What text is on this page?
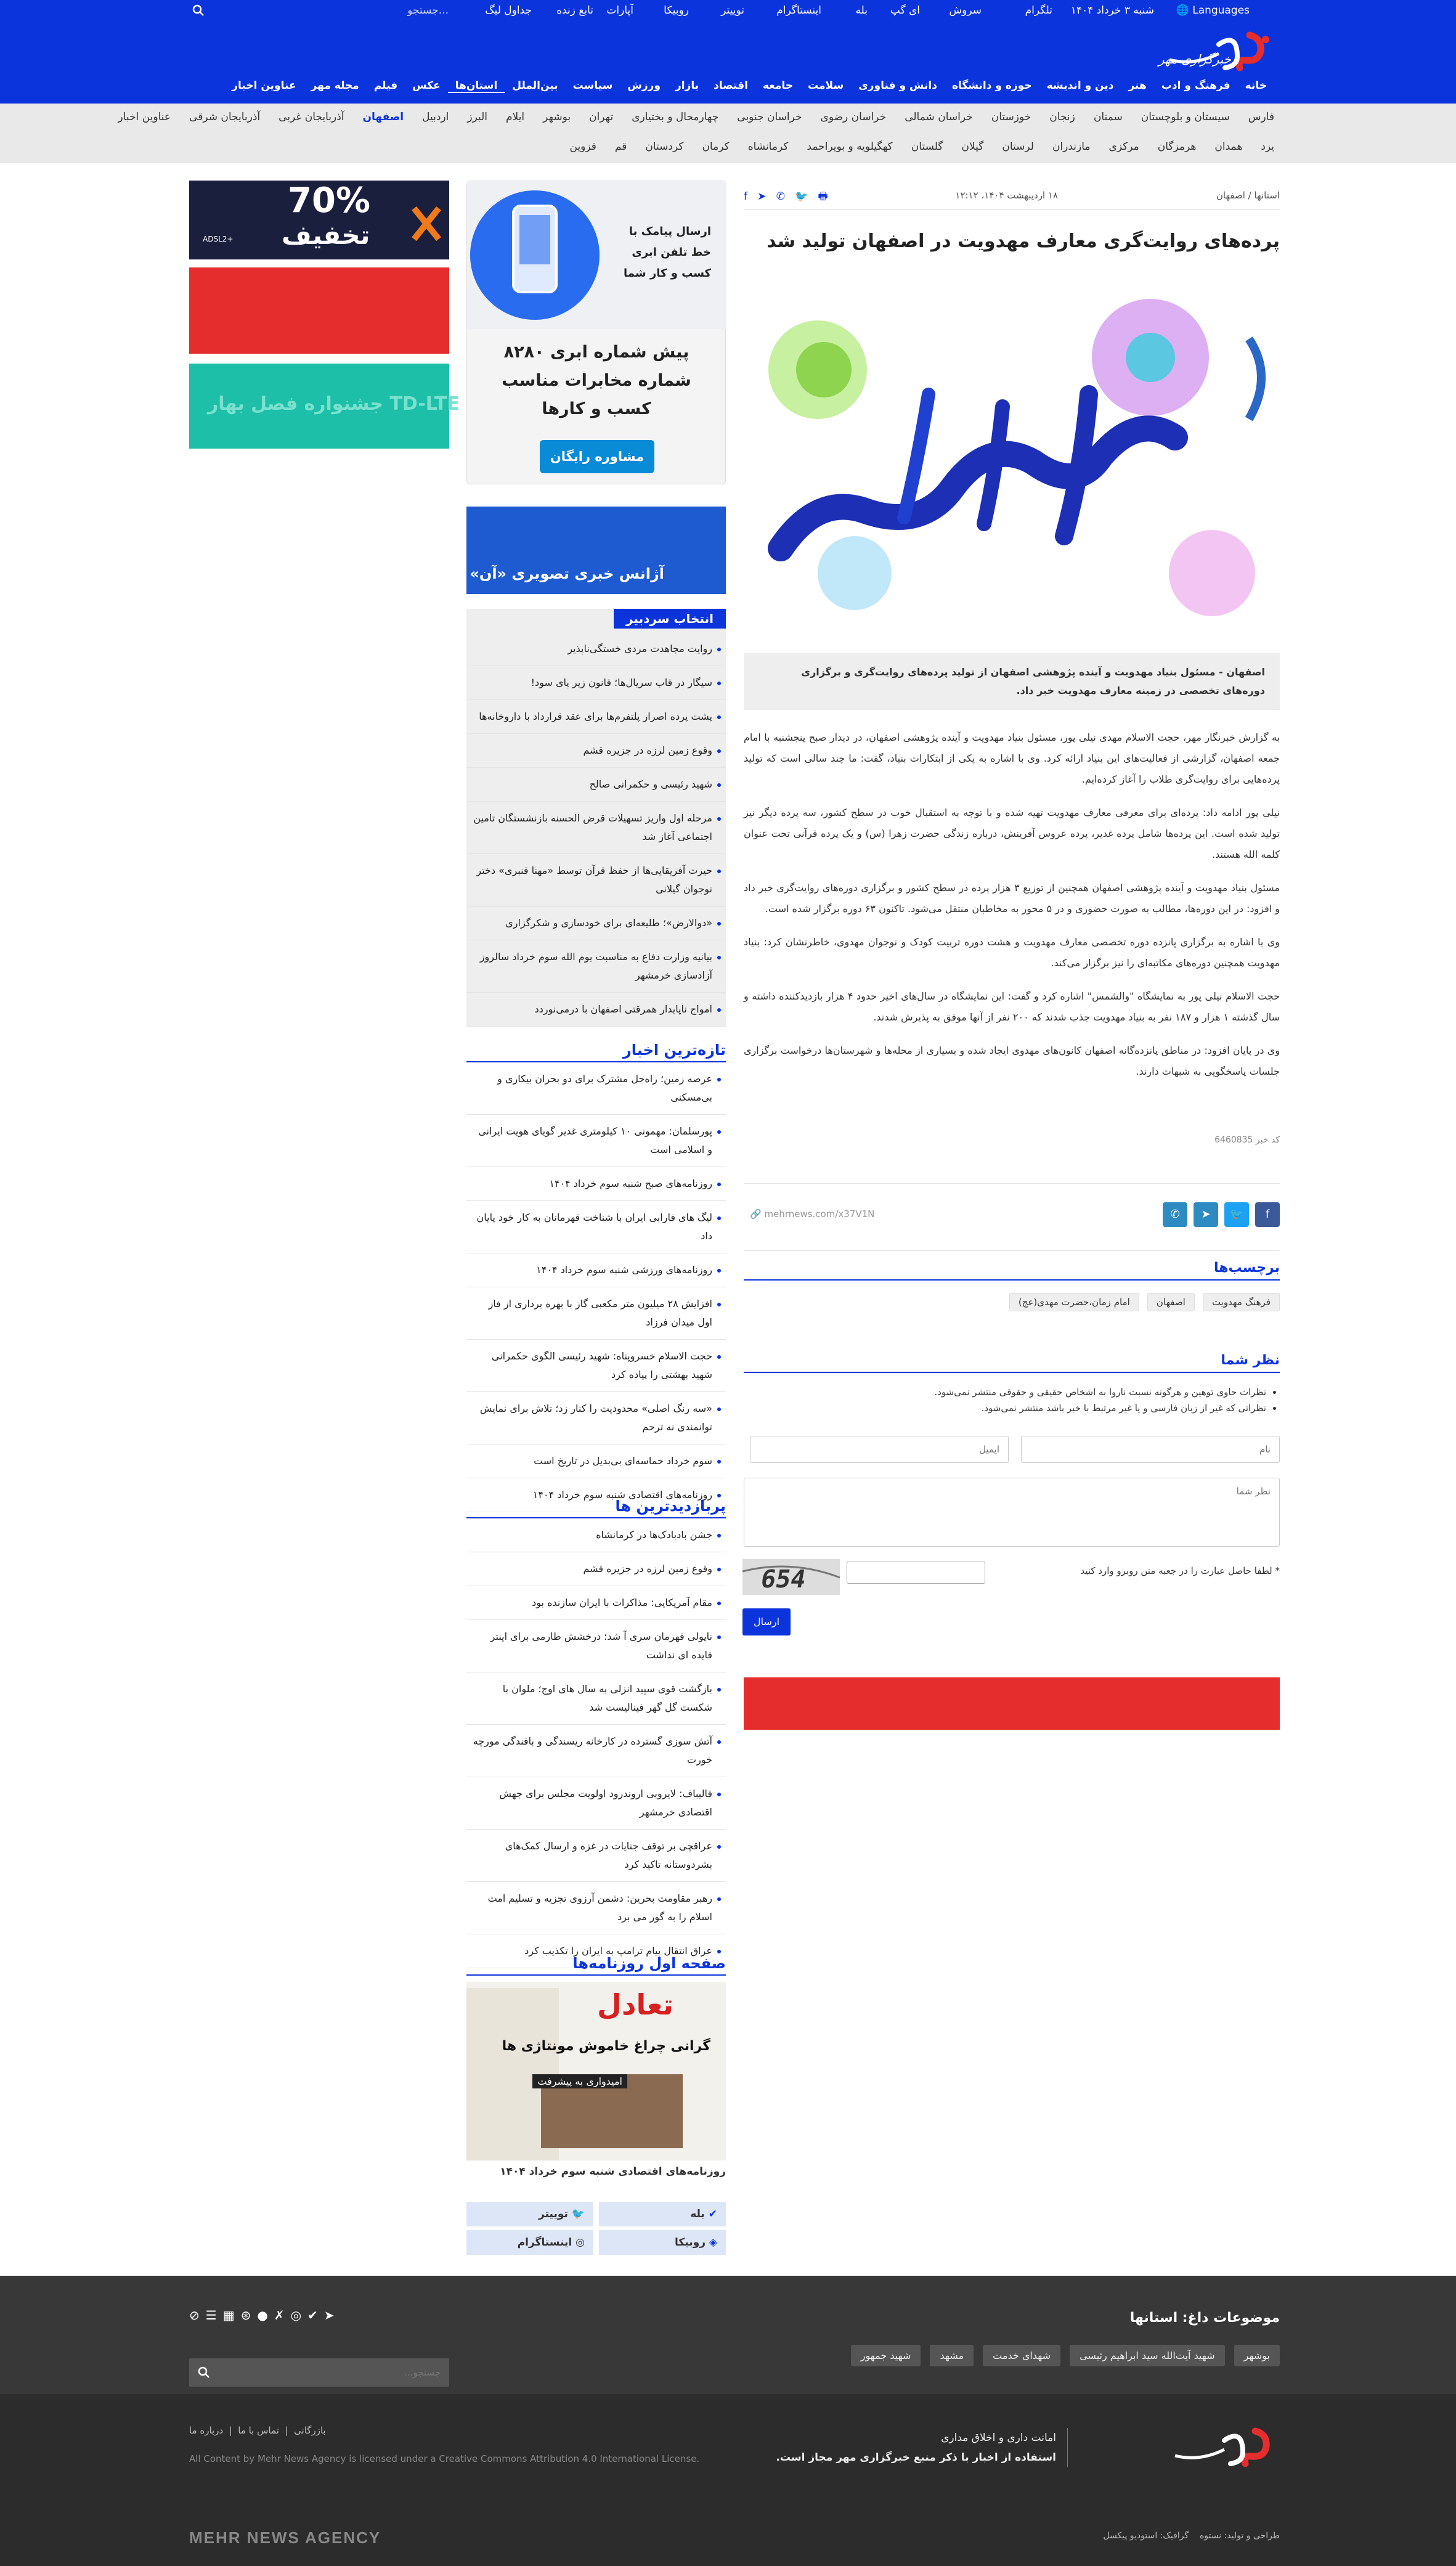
🌐 Languages
شنبه ۳ خرداد ۱۴۰۴
تلگرام
سروش
ای گپ
بله
اینستاگرام
توییتر
روبیکا
آپارات
تابع زنده
جداول لیگ
جستجو...
خبرگزاری مهر
خانه
فرهنگ و ادب
هنر
دین و اندیشه
حوزه و دانشگاه
دانش و فناوری
سلامت
جامعه
اقتصاد
بازار
ورزش
سیاست
بین‌الملل
استان‌ها
عکس
فیلم
مجله مهر
عناوین اخبار
عناوین اخبار	آذربایجان شرقی	آذربایجان غربی	اصفهان	اردبیل	البرز	ایلام	بوشهر	تهران	چهارمحال و بختیاری	خراسان جنوبی	خراسان رضوی	خراسان شمالی	خوزستان	زنجان	سمنان	سیستان و بلوچستان	فارس
قزوین	قم	کردستان	کرمان	کرمانشاه	کهگیلویه و بویراحمد	گلستان	گیلان	لرستان	مازندران	مرکزی	هرمزگان	همدان	یزد
استانها / اصفهان
۱۸ اردیبهشت ۱۴۰۴، ۱۲:۱۲
🖶   🐦   ✆   ➤   f
پرده‌های روایت‌گری معارف مهدویت در اصفهان تولید شد
اصفهان - مسئول بنیاد مهدویت و آینده پژوهشی اصفهان از تولید پرده‌های روایت‌گری و برگزاری دوره‌های تخصصی در زمینه معارف مهدویت خبر داد.

به گزارش خبرنگار مهر، حجت الاسلام مهدی نیلی پور، مسئول بنیاد مهدویت و آینده پژوهشی اصفهان، در دیدار صبح پنجشنبه با امام جمعه اصفهان، گزارشی از فعالیت‌های این بنیاد ارائه کرد. وی با اشاره به یکی از ابتکارات بنیاد، گفت: ما چند سالی است که تولید پرده‌هایی برای روایت‌گری طلاب را آغاز کرده‌ایم.

نیلی پور ادامه داد: پرده‌ای برای معرفی معارف مهدویت تهیه شده و با توجه به استقبال خوب در سطح کشور، سه پرده دیگر نیز تولید شده است. این پرده‌ها شامل پرده غدیر، پرده عروس آفرینش، درباره زندگی حضرت زهرا (س) و یک پرده قرآنی تحت عنوان کلمه الله هستند.

مسئول بنیاد مهدویت و آینده پژوهشی اصفهان همچنین از توزیع ۳ هزار پرده در سطح کشور و برگزاری دوره‌های روایت‌گری خبر داد و افزود: در این دوره‌ها، مطالب به صورت حضوری و در ۵ محور به مخاطبان منتقل می‌شود. تاکنون ۶۳ دوره برگزار شده است.

وی با اشاره به برگزاری پانزده دوره تخصصی معارف مهدویت و هشت دوره تربیت کودک و نوجوان مهدوی، خاطرنشان کرد: بنیاد مهدویت همچنین دوره‌های مکاتبه‌ای را نیز برگزار می‌کند.

حجت الاسلام نیلی پور به نمایشگاه "والشمس" اشاره کرد و گفت: این نمایشگاه در سال‌های اخیر حدود ۴ هزار بازدیدکننده داشته و سال گذشته ۱ هزار و ۱۸۷ نفر به بنیاد مهدویت جذب شدند که ۲۰۰ نفر از آنها موفق به پذیرش شدند.

وی در پایان افزود: در مناطق پانزده‌گانه اصفهان کانون‌های مهدوی ایجاد شده و بسیاری از محله‌ها و شهرستان‌ها درخواست برگزاری جلسات پاسخگویی به شبهات دارند.

کد خبر 6460835
f
🐦
➤
✆
🔗 mehrnews.com/x37V1N
برچسب‌ها
فرهنگ مهدویت اصفهان امام زمان،حضرت مهدی(عج)
نظر شما
• نظرات حاوی توهین و هرگونه نسبت ناروا به اشخاص حقیقی و حقوقی منتشر نمی‌شود.
• نظراتی که غیر از زبان فارسی و یا غیر مرتبط با خبر باشد منتشر نمی‌شود.
نام
ایمیل
نظر شما
* لطفا حاصل عبارت را در جعبه متن روبرو وارد کنید
654
ارسال
ارسال پیامک با خط تلفن ابری کسب و کار شما
پیش شماره ابری ۸۲۸۰ شماره مخابرات مناسب کسب و کارها
مشاوره رایگان
آژانس خبری تصویری «آن»
انتخاب سردبیر
روایت مجاهدت مردی خستگی‌ناپذیر
سیگار در قاب سریال‌ها؛ قانون زیر پای سود!
پشت پرده اصرار پلتفرم‌ها برای عقد قرارداد با داروخانه‌ها
وقوع زمین لرزه در جزیره قشم
شهید رئیسی و حکمرانی صالح
مرحله اول واریز تسهیلات قرض الحسنه بازنشستگان تامین اجتماعی آغاز شد
حیرت آفریقایی‌ها از حفظ قرآن توسط «مهنا قنبری» دختر نوجوان گیلانی
«دوالارض»؛ طلیعه‌ای برای خودسازی و شکرگزاری
بیانیه وزارت دفاع به مناسبت یوم الله سوم خرداد سالروز آزادسازی خرمشهر
امواج ناپایدار همرقتی اصفهان با درمی‌نوردد
تازه‌ترین اخبار
عرصه زمین؛ راه‌حل مشترک برای دو بحران بیکاری و بی‌مسکنی
پورسلمان: مهمونی ۱۰ کیلومتری غدیر گویای هویت ایرانی و اسلامی است
روزنامه‌های صبح شنبه سوم خرداد ۱۴۰۴
لیگ های فارابی ایران با شناخت قهرمانان به کار خود پایان داد
روزنامه‌های ورزشی شنبه سوم خرداد ۱۴۰۴
افزایش ۲۸ میلیون متر مکعبی گاز با بهره برداری از فاز اول میدان فرزاد
حجت الاسلام خسروپناه: شهید رئیسی الگوی حکمرانی شهید بهشتی را پیاده کرد
«سه رنگ اصلی» محدودیت را کنار زد؛ تلاش برای نمایش توانمندی نه ترحم
سوم خرداد حماسه‌ای بی‌بدیل در تاریخ است
روزنامه‌های اقتصادی شنبه سوم خرداد ۱۴۰۴
پربازدیدترین ها
جشن بادبادک‌ها در کرمانشاه
وقوع زمین لرزه در جزیره قشم
مقام آمریکایی: مذاکرات با ایران سازنده بود
ناپولی قهرمان سری آ شد؛ درخشش طارمی برای اینتر فایده ای نداشت
بازگشت قوی سپید انزلی به سال های اوج؛ ملوان با شکست گل گهر فینالیست شد
آتش سوزی گسترده در کارخانه ریسندگی و بافندگی مورچه خورت
قالیباف: لایروبی اروندرود اولویت مجلس برای جهش اقتصادی خرمشهر
عراقچی بر توقف جنایات در غزه و ارسال کمک‌های بشردوستانه تاکید کرد
رهبر مقاومت بحرین: دشمن آرزوی تجزیه و تسلیم امت اسلام را به گور می برد
عراق انتقال پیام ترامپ به ایران را تکذیب کرد
صفحه اول روزنامه‌ها
تعادل
گرانی چراغ خاموش مونتاژی ها
امیدواری به پیشرفت
روزنامه‌های اقتصادی شنبه سوم خرداد ۱۴۰۴
✔ بله
🐦 توییتر
◈ روبیکا
◎ اینستاگرام
70%
تخفیف
ADSL2+
جشنواره فصل بهار TD-LTE
موضوعات داغ: استانها
بوشهر شهید آیت‌الله سید ابراهیم رئیسی شهدای خدمت مشهد شهید جمهور
⊘☰▦⊛●✗◎✔➤
جستجو...
امانت داری و اخلاق مداری
استفاده از اخبار با ذکر منبع خبرگزاری مهر مجاز است.
بازرگانی  |  تماس با ما  |  درباره ما
All Content by Mehr News Agency is licensed under a Creative Commons Attribution 4.0 International License.
MEHR NEWS AGENCY	طراحی و تولید: نستوه    گرافیک: استودیو پیکسل
